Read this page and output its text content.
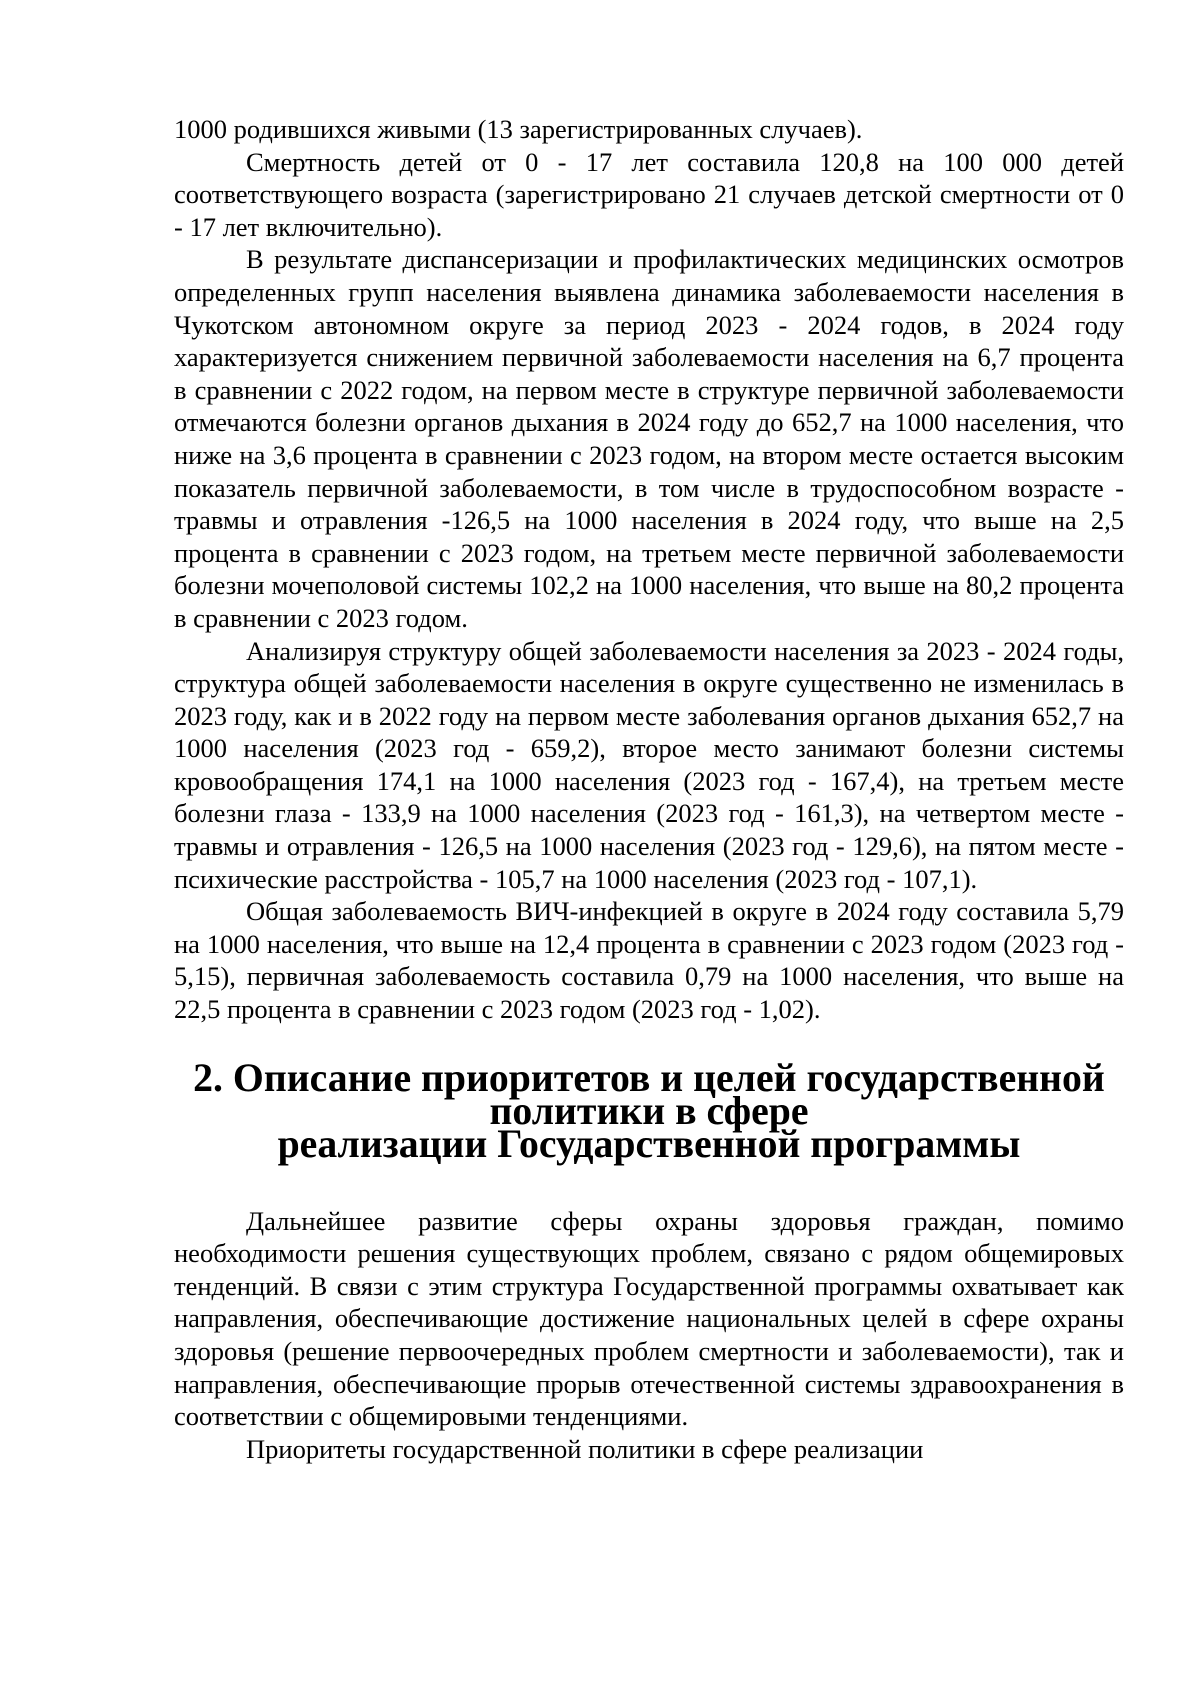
1000 родившихся живыми (13 зарегистрированных случаев).

Смертность детей от 0 - 17 лет составила 120,8 на 100 000 детей соответствующего возраста (зарегистрировано 21 случаев детской смертности от 0 - 17 лет включительно).

В результате диспансеризации и профилактических медицинских осмотров определенных групп населения выявлена динамика заболеваемости населения в Чукотском автономном округе за период 2023 - 2024 годов, в 2024 году характеризуется снижением первичной заболеваемости населения на 6,7 процента в сравнении с 2022 годом, на первом месте в структуре первичной заболеваемости отмечаются болезни органов дыхания в 2024 году до 652,7 на 1000 населения, что ниже на 3,6 процента в сравнении с 2023 годом, на втором месте остается высоким показатель первичной заболеваемости, в том числе в трудоспособном возрасте - травмы и отравления -126,5 на 1000 населения в 2024 году, что выше на 2,5 процента в сравнении с 2023 годом, на третьем месте первичной заболеваемости болезни мочеполовой системы 102,2 на 1000 населения, что выше на 80,2 процента в сравнении с 2023 годом.

Анализируя структуру общей заболеваемости населения за 2023 - 2024 годы, структура общей заболеваемости населения в округе существенно не изменилась в 2023 году, как и в 2022 году на первом месте заболевания органов дыхания 652,7 на 1000 населения (2023 год - 659,2), второе место занимают болезни системы кровообращения 174,1 на 1000 населения (2023 год - 167,4), на третьем месте болезни глаза - 133,9 на 1000 населения (2023 год - 161,3), на четвертом месте - травмы и отравления - 126,5 на 1000 населения (2023 год - 129,6), на пятом месте - психические расстройства - 105,7 на 1000 населения (2023 год - 107,1).

Общая заболеваемость ВИЧ-инфекцией в округе в 2024 году составила 5,79 на 1000 населения, что выше на 12,4 процента в сравнении с 2023 годом (2023 год - 5,15), первичная заболеваемость составила 0,79 на 1000 населения, что выше на 22,5 процента в сравнении с 2023 годом (2023 год - 1,02).

2. Описание приоритетов и целей государственной политики в сфере
реализации Государственной программы

Дальнейшее развитие сферы охраны здоровья граждан, помимо необходимости решения существующих проблем, связано с рядом общемировых тенденций. В связи с этим структура Государственной программы охватывает как направления, обеспечивающие достижение национальных целей в сфере охраны здоровья (решение первоочередных проблем смертности и заболеваемости), так и направления, обеспечивающие прорыв отечественной системы здравоохранения в соответствии с общемировыми тенденциями.

Приоритеты государственной политики в сфере реализации
